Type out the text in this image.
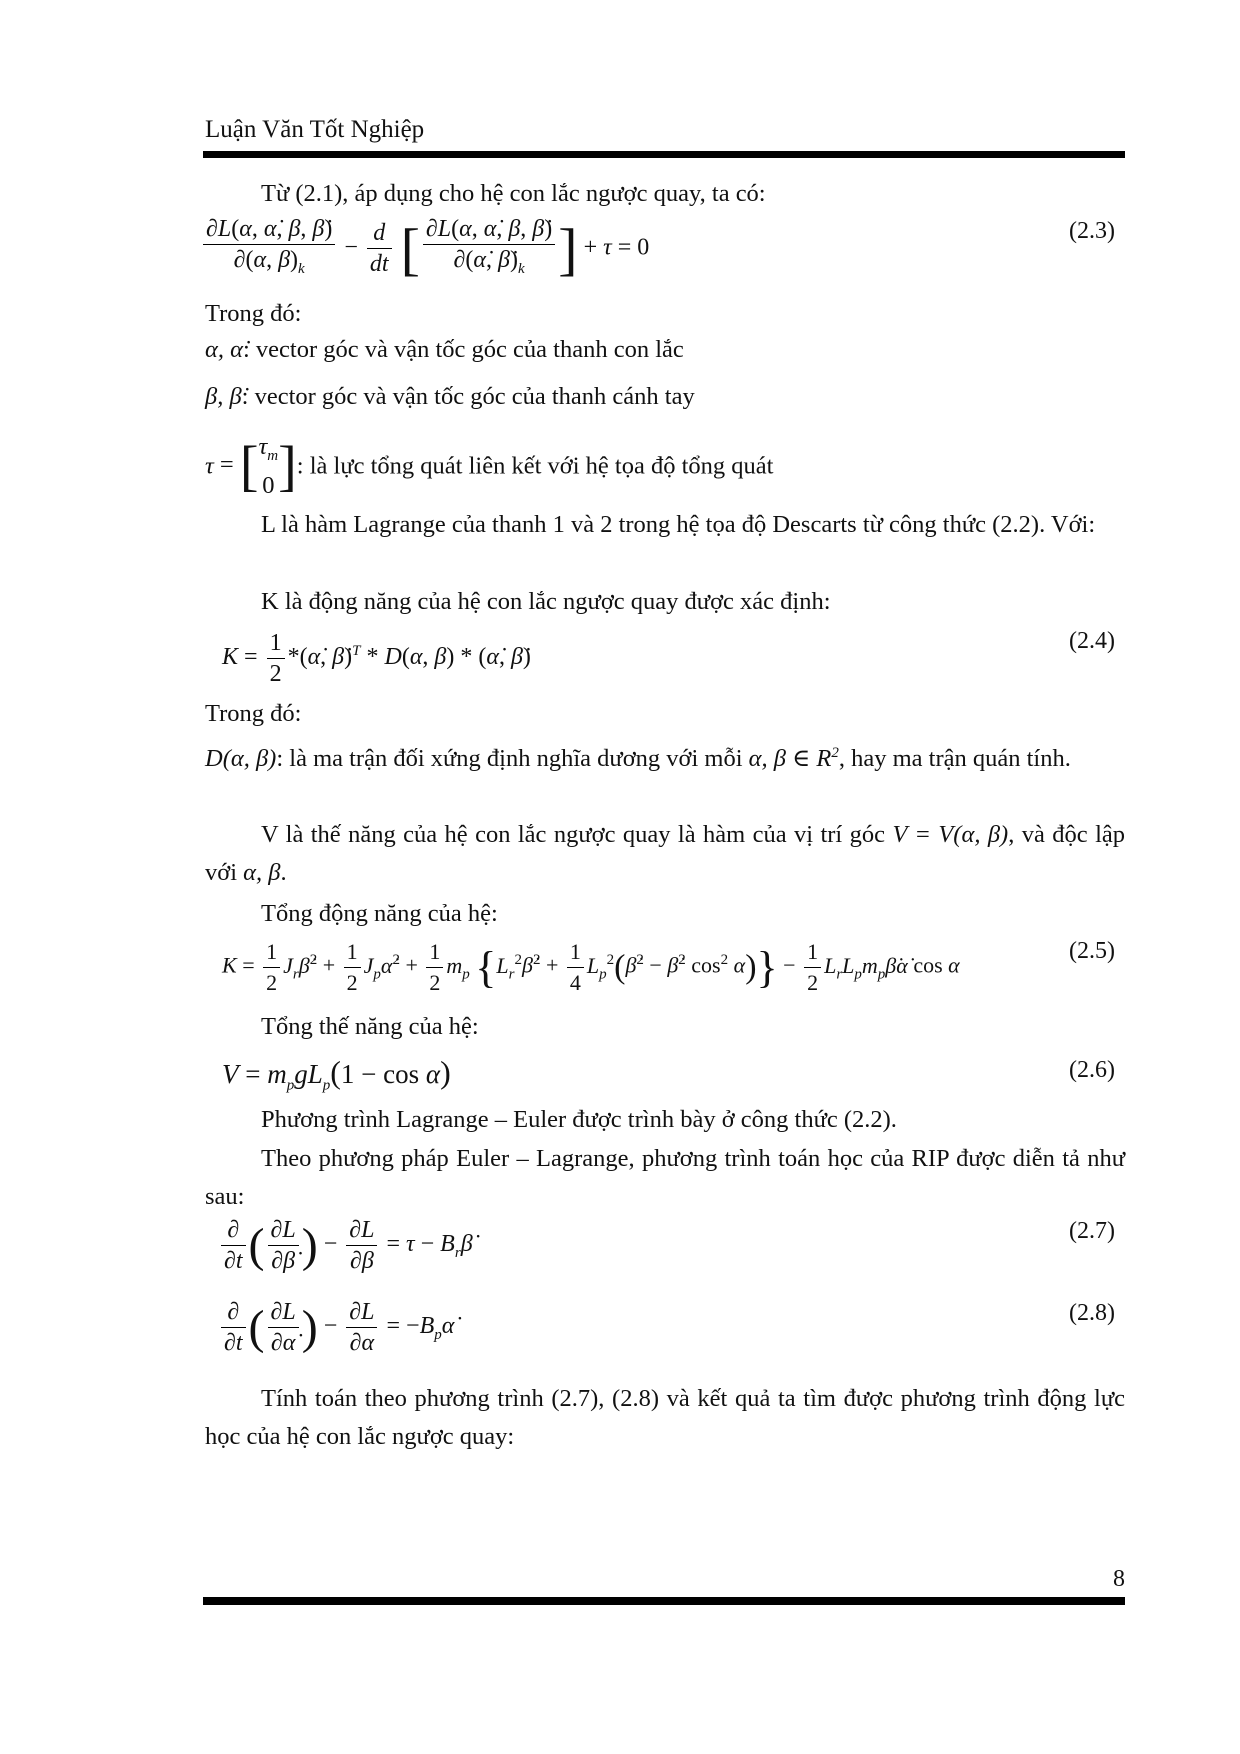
Luận Văn Tốt Nghiệp
Từ (2.1), áp dụng cho hệ con lắc ngược quay, ta có:
$\frac{\partial L(\alpha, \alphȧ, \beta, \betȧ)}{\partial(\alpha, \beta)_k} - \frac{d}{dt}$ [ $\frac{\partial L(\alpha, \alphȧ, \beta, \betȧ)}{\partial(\alphȧ, \betȧ)_k}$ ] + τ = 0
(2.3)
Trong đó:
α, α̇: vector góc và vận tốc góc của thanh con lắc
β, β̇: vector góc và vận tốc góc của thanh cánh tay
τ = [ $\tau_m$
0 ]: là lực tổng quát liên kết với hệ tọa độ tổng quát
L là hàm Lagrange của thanh 1 và 2 trong hệ tọa độ Descarts từ công thức (2.2). Với:
K là động năng của hệ con lắc ngược quay được xác định:
$K = \frac{1}{2}$ *(α̇, β̇)$^T$ * D(α, β) * (α̇, β̇)
(2.4)
Trong đó:
D(α, β): là ma trận đối xứng định nghĩa dương với mỗi α, β ∈ $R^2$, hay ma trận quán tính.
V là thế năng của hệ con lắc ngược quay là hàm của vị trí góc V = V(α, β), và độc lập với α, β.
Tổng động năng của hệ:
$K = \frac{1}{2}$ $J_r\betȧ^2 + \frac{1}{2}$ $J_p\alphȧ^2 + \frac{1}{2} m_p$ {$L_r^2\betȧ^2 + \frac{1}{4}$ $L_p^2(\betȧ^2$ − β̇$^2$ $\cos^2 \alpha)\} - \frac{1}{2}$ $L_rL_pm_p\betȧ\alphȧ$ cos α
(2.5)
Tổng thế năng của hệ:
$V = m_pgL_p(1 - \cos \alpha)$	(2.6)
Phương trình Lagrange – Euler được trình bày ở công thức (2.2).
Theo phương pháp Euler – Lagrange, phương trình toán học của RIP được diễn tả như sau:
$\frac{\partial}{\partial t}$ ( $\frac{\partial L}{\partial\betȧ}$ ) − $\frac{\partial L}{\partial\beta} = \tau$ − $B_r\betȧ$
(2.7)
$\frac{\partial}{\partial t}$ ( $\frac{\partial L}{\partial\alphȧ}$ ) − $\frac{\partial L}{\partial\alpha}$ = $-B_p\alphȧ$
(2.8)
Tính toán theo phương trình (2.7), (2.8) và kết quả ta tìm được phương trình động lực học của hệ con lắc ngược quay:
8
